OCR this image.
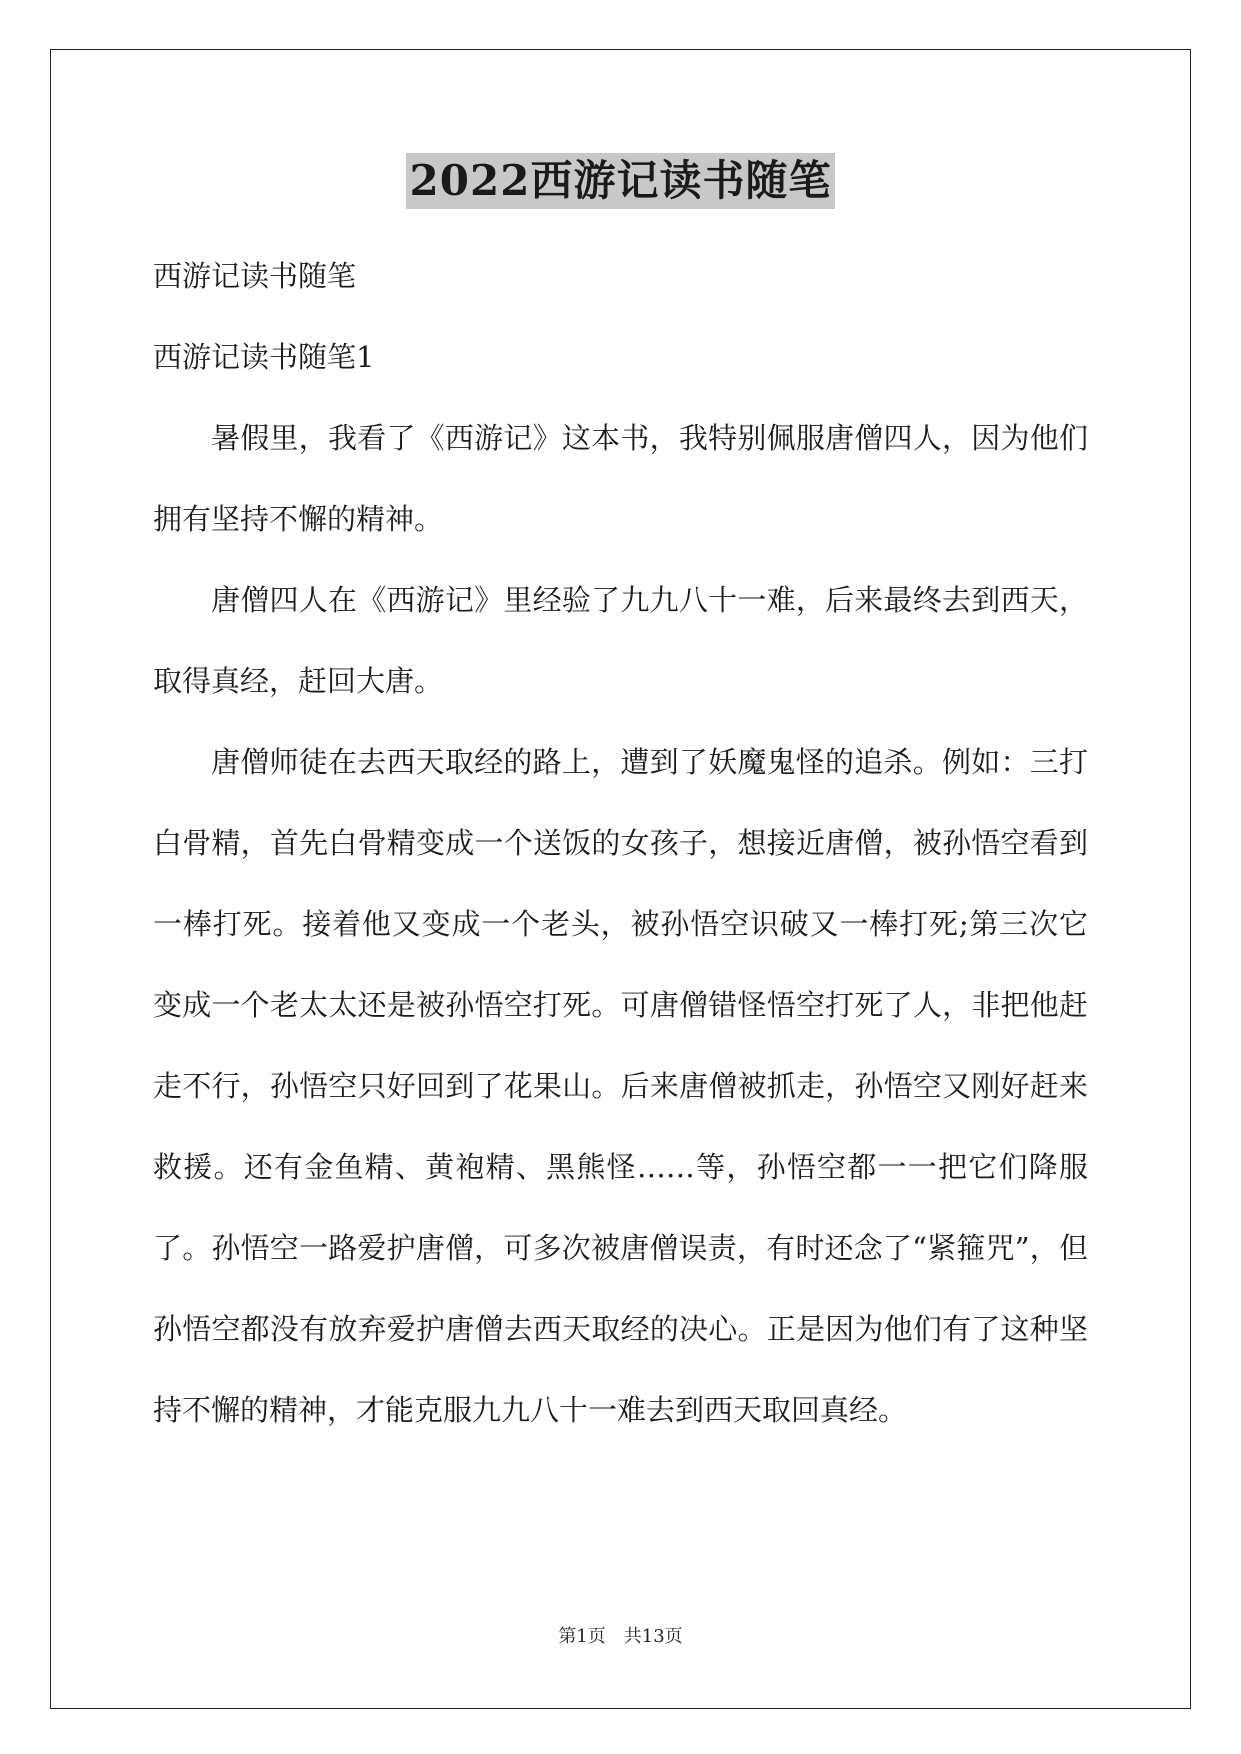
2022西游记读书随笔

西游记读书随笔

西游记读书随笔1

暑假里，我看了《西游记》这本书，我特别佩服唐僧四人，因为他们拥有坚持不懈的精神。

唐僧四人在《西游记》里经验了九九八十一难，后来最终去到西天，取得真经，赶回大唐。

唐僧师徒在去西天取经的路上，遭到了妖魔鬼怪的追杀。例如：三打白骨精，首先白骨精变成一个送饭的女孩子，想接近唐僧，被孙悟空看到一棒打死。接着他又变成一个老头，被孙悟空识破又一棒打死;第三次它变成一个老太太还是被孙悟空打死。可唐僧错怪悟空打死了人，非把他赶走不行，孙悟空只好回到了花果山。后来唐僧被抓走，孙悟空又刚好赶来救援。还有金鱼精、黄袍精、黑熊怪……等，孙悟空都一一把它们降服了。孙悟空一路爱护唐僧，可多次被唐僧误责，有时还念了“紧箍咒”，但孙悟空都没有放弃爱护唐僧去西天取经的决心。正是因为他们有了这种坚持不懈的精神，才能克服九九八十一难去到西天取回真经。

第1页 共13页
